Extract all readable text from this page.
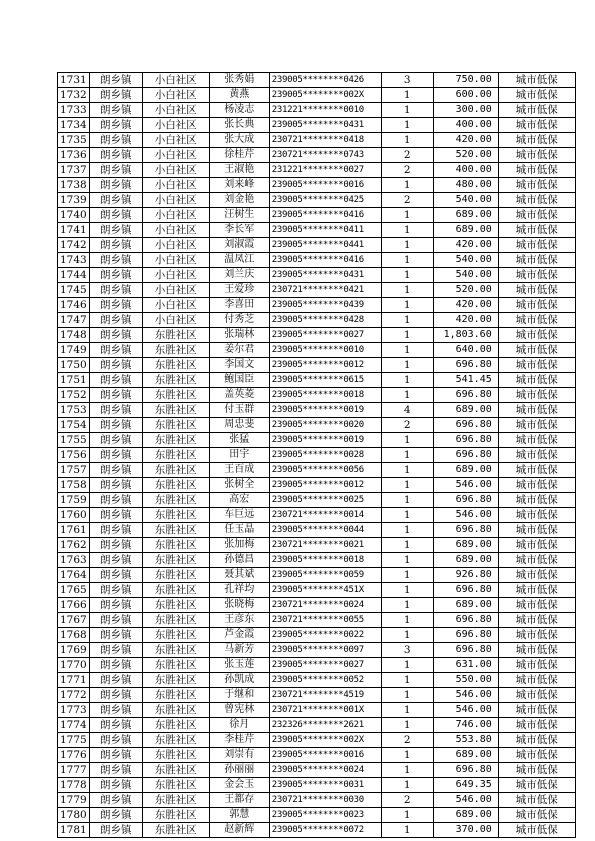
1731	朗乡镇	小白社区	张秀娟	239005********0426	3	750.00	城市低保
1732	朗乡镇	小白社区	黄燕	239005********002X	1	600.00	城市低保
1733	朗乡镇	小白社区	杨凌志	231221********0010	1	300.00	城市低保
1734	朗乡镇	小白社区	张长典	239005********0431	1	400.00	城市低保
1735	朗乡镇	小白社区	张大成	230721********0418	1	420.00	城市低保
1736	朗乡镇	小白社区	徐桂芹	230721********0743	2	520.00	城市低保
1737	朗乡镇	小白社区	王淑艳	231221********0027	2	400.00	城市低保
1738	朗乡镇	小白社区	刘来峰	239005********0016	1	480.00	城市低保
1739	朗乡镇	小白社区	刘金艳	239005********0425	2	540.00	城市低保
1740	朗乡镇	小白社区	汪树生	239005********0416	1	689.00	城市低保
1741	朗乡镇	小白社区	李长军	239005********0411	1	689.00	城市低保
1742	朗乡镇	小白社区	刘淑霞	239005********0441	1	420.00	城市低保
1743	朗乡镇	小白社区	温凤江	239005********0416	1	540.00	城市低保
1744	朗乡镇	小白社区	刘兰庆	239005********0431	1	540.00	城市低保
1745	朗乡镇	小白社区	王爱珍	230721********0421	1	520.00	城市低保
1746	朗乡镇	小白社区	李喜田	239005********0439	1	420.00	城市低保
1747	朗乡镇	小白社区	付秀芝	239005********0428	1	420.00	城市低保
1748	朗乡镇	东胜社区	张瑞林	239005********0027	1	1,803.60	城市低保
1749	朗乡镇	东胜社区	姜尔君	239005********0010	1	640.00	城市低保
1750	朗乡镇	东胜社区	李国文	239005********0012	1	696.80	城市低保
1751	朗乡镇	东胜社区	鲍国臣	239005********0615	1	541.45	城市低保
1752	朗乡镇	东胜社区	盖英菱	239005********0018	1	696.80	城市低保
1753	朗乡镇	东胜社区	付玉群	239005********0019	4	689.00	城市低保
1754	朗乡镇	东胜社区	周忠斐	239005********0020	2	696.80	城市低保
1755	朗乡镇	东胜社区	张猛	239005********0019	1	696.80	城市低保
1756	朗乡镇	东胜社区	田宇	239005********0028	1	696.80	城市低保
1757	朗乡镇	东胜社区	王百成	239005********0056	1	689.00	城市低保
1758	朗乡镇	东胜社区	张树全	239005********0012	1	546.00	城市低保
1759	朗乡镇	东胜社区	高宏	239005********0025	1	696.80	城市低保
1760	朗乡镇	东胜社区	车巨远	230721********0014	1	546.00	城市低保
1761	朗乡镇	东胜社区	任玉晶	239005********0044	1	696.80	城市低保
1762	朗乡镇	东胜社区	张加梅	230721********0021	1	689.00	城市低保
1763	朗乡镇	东胜社区	孙德昌	239005********0018	1	689.00	城市低保
1764	朗乡镇	东胜社区	聂其斌	239005********0059	1	926.80	城市低保
1765	朗乡镇	东胜社区	孔祥均	239005********451X	1	696.80	城市低保
1766	朗乡镇	东胜社区	张晓梅	230721********0024	1	689.00	城市低保
1767	朗乡镇	东胜社区	王彦东	230721********0055	1	696.80	城市低保
1768	朗乡镇	东胜社区	芦金霞	239005********0022	1	696.80	城市低保
1769	朗乡镇	东胜社区	马新芳	239005********0097	3	696.80	城市低保
1770	朗乡镇	东胜社区	张玉莲	239005********0027	1	631.00	城市低保
1771	朗乡镇	东胜社区	孙凯成	239005********0052	1	550.00	城市低保
1772	朗乡镇	东胜社区	于继和	230721********4519	1	546.00	城市低保
1773	朗乡镇	东胜社区	曾宪林	230721********001X	1	546.00	城市低保
1774	朗乡镇	东胜社区	徐月	232326********2621	1	746.00	城市低保
1775	朗乡镇	东胜社区	李桂芹	239005********002X	2	553.80	城市低保
1776	朗乡镇	东胜社区	刘崇有	239005********0016	1	689.00	城市低保
1777	朗乡镇	东胜社区	孙丽丽	239005********0024	1	696.80	城市低保
1778	朗乡镇	东胜社区	金会玉	239005********0031	1	649.35	城市低保
1779	朗乡镇	东胜社区	王都存	230721********0030	2	546.00	城市低保
1780	朗乡镇	东胜社区	郭慧	239005********0023	1	689.00	城市低保
1781	朗乡镇	东胜社区	赵新辉	239005********0072	1	370.00	城市低保
